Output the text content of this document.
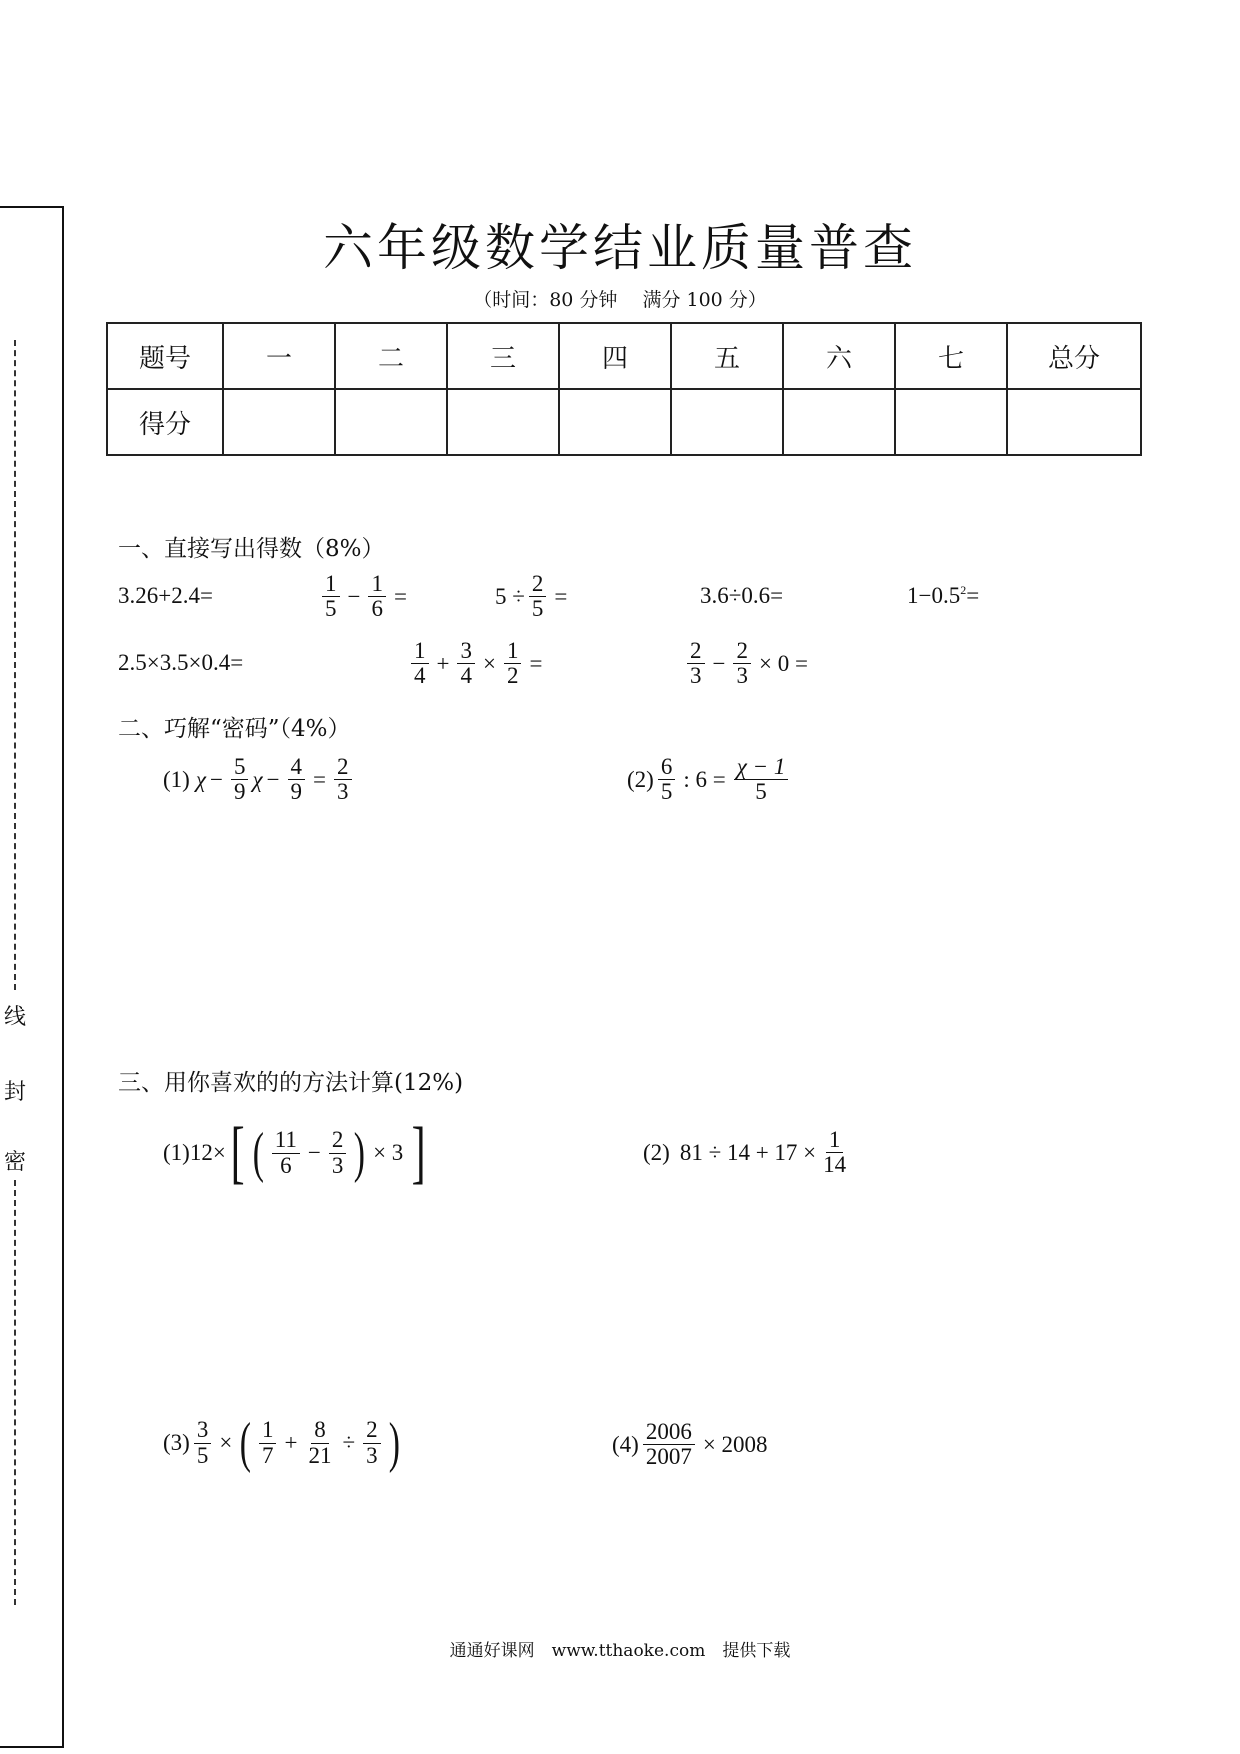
线
封
密
六年级数学结业质量普查
（时间：80 分钟　 满分 100 分）
题号	一	二	三	四	五	六	七	总分
得分								
一、直接写出得数（8%）
3.26+2.4=	$\frac{1}{5} - \frac{1}{6}$ =	$5 \div \frac{2}{5}$ =	3.6÷0.6=	$1-0.5^2$ =
2.5×3.5×0.4=	$\frac{1}{4} + \frac{3}{4} \times \frac{1}{2}$ =	$\frac{2}{3} - \frac{2}{3} \times 0$ =
二、巧解“密码”（4%）
(1) $\chi - \frac{5}{9}$ $\chi - \frac{4}{9} = \frac{2}{3}$	$(2) \frac{6}{5}$ : $6 = \frac{\chi - 1}{5}$
三、用你喜欢的的方法计算(12%)
(1)12× [ ( $\frac{11}{6} - \frac{2}{3}$ ) × 3 ]	(2) $81 \div 14 + 17 \times \frac{1}{14}$
$(3) \frac{3}{5}$ × ( $\frac{1}{7} + \frac{8}{21} \div \frac{2}{3}$ )	$(4) \frac{2006}{2007} \times 2008$
通通好课网　www.tthaoke.com　提供下载
